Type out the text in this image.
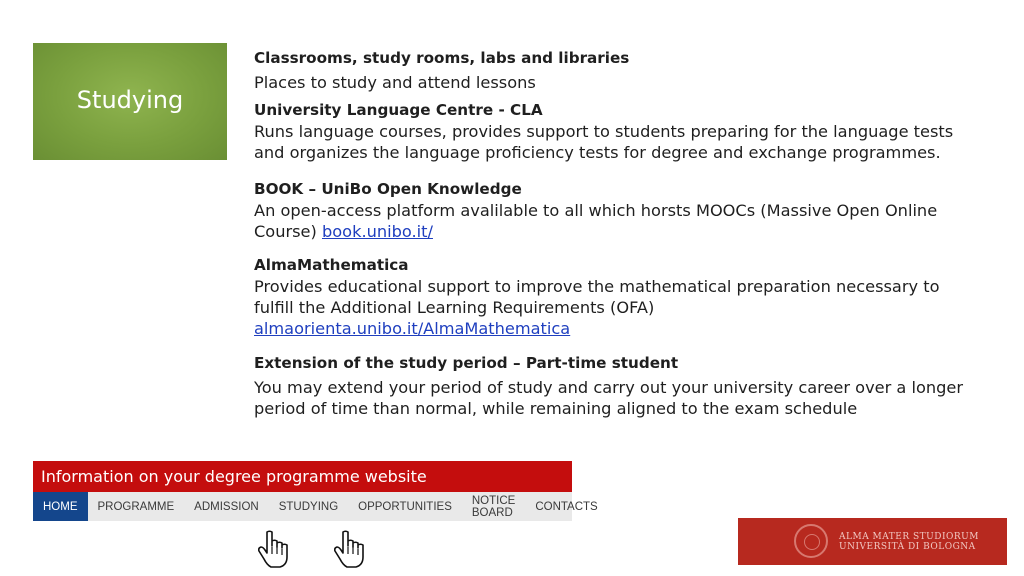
Studying
Classrooms, study rooms, labs and libraries
Places to study and attend lessons
University Language Centre - CLA
Runs language courses, provides support to students preparing for the language tests and organizes the language proficiency tests for degree and exchange programmes.
BOOK – UniBo Open Knowledge
An open-access platform avalilable to all which horsts MOOCs (Massive Open Online Course) book.unibo.it/
AlmaMathematica
Provides educational support to improve the mathematical preparation necessary to fulfill the Additional Learning Requirements (OFA)
almaorienta.unibo.it/AlmaMathematica
Extension of the study period – Part-time student
You may extend your period of study and carry out your university career over a longer period of time than normal, while remaining aligned to the exam schedule
Information on your degree programme website
HOME	PROGRAMME	ADMISSION	STUDYING	OPPORTUNITIES	NOTICE BOARD	CONTACTS
ALMA MATER STUDIORUM
UNIVERSITÀ DI BOLOGNA
